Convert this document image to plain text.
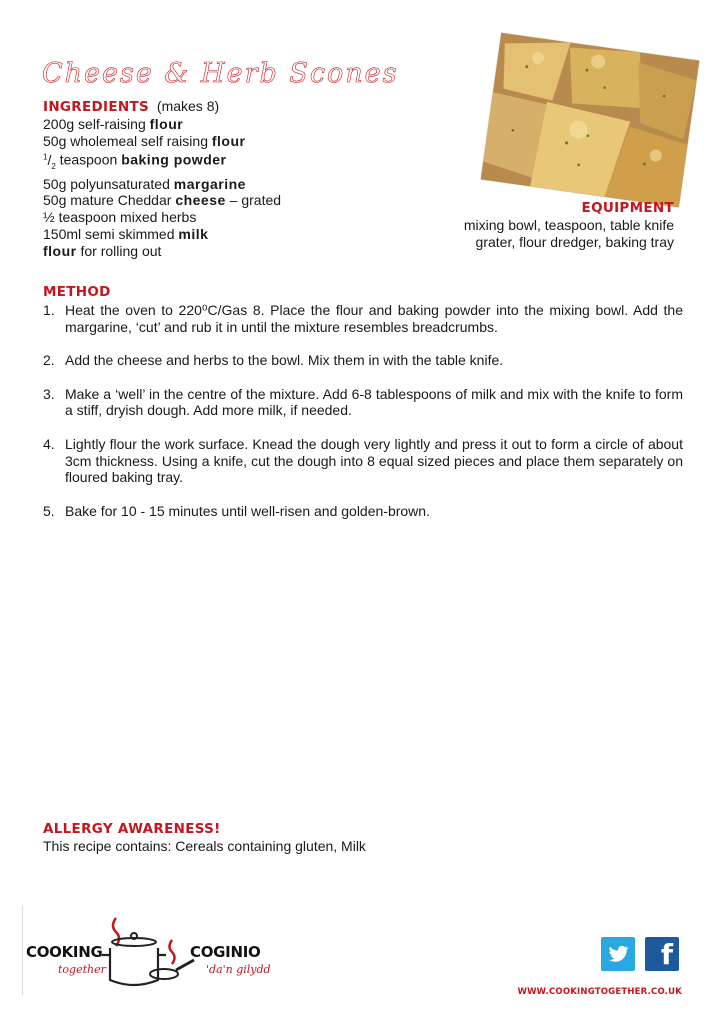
Cheese & Herb Scones
INGREDIENTS (makes 8)
200g self-raising flour
50g wholemeal self raising flour
$^1/_2$ teaspoon baking powder
50g polyunsaturated margarine
50g mature Cheddar cheese – grated
½ teaspoon mixed herbs
150ml semi skimmed milk
flour for rolling out
EQUIPMENT
mixing bowl, teaspoon, table knife
grater, flour dredger, baking tray
METHOD
1. Heat the oven to 220⁰C/Gas 8. Place the flour and baking powder into the mixing bowl. Add the margarine, ‘cut’ and rub it in until the mixture resembles breadcrumbs.
2. Add the cheese and herbs to the bowl. Mix them in with the table knife.
3. Make a ‘well’ in the centre of the mixture. Add 6-8 tablespoons of milk and mix with the knife to form a stiff, dryish dough. Add more milk, if needed.
4. Lightly flour the work surface. Knead the dough very lightly and press it out to form a circle of about 3cm thickness. Using a knife, cut the dough into 8 equal sized pieces and place them separately on floured baking tray.
5. Bake for 10 - 15 minutes until well-risen and golden-brown.
ALLERGY AWARENESS!
This recipe contains: Cereals containing gluten, Milk
COOKING
together
COGINIO
'da'n gilydd	f
WWW.COOKINGTOGETHER.CO.UK
